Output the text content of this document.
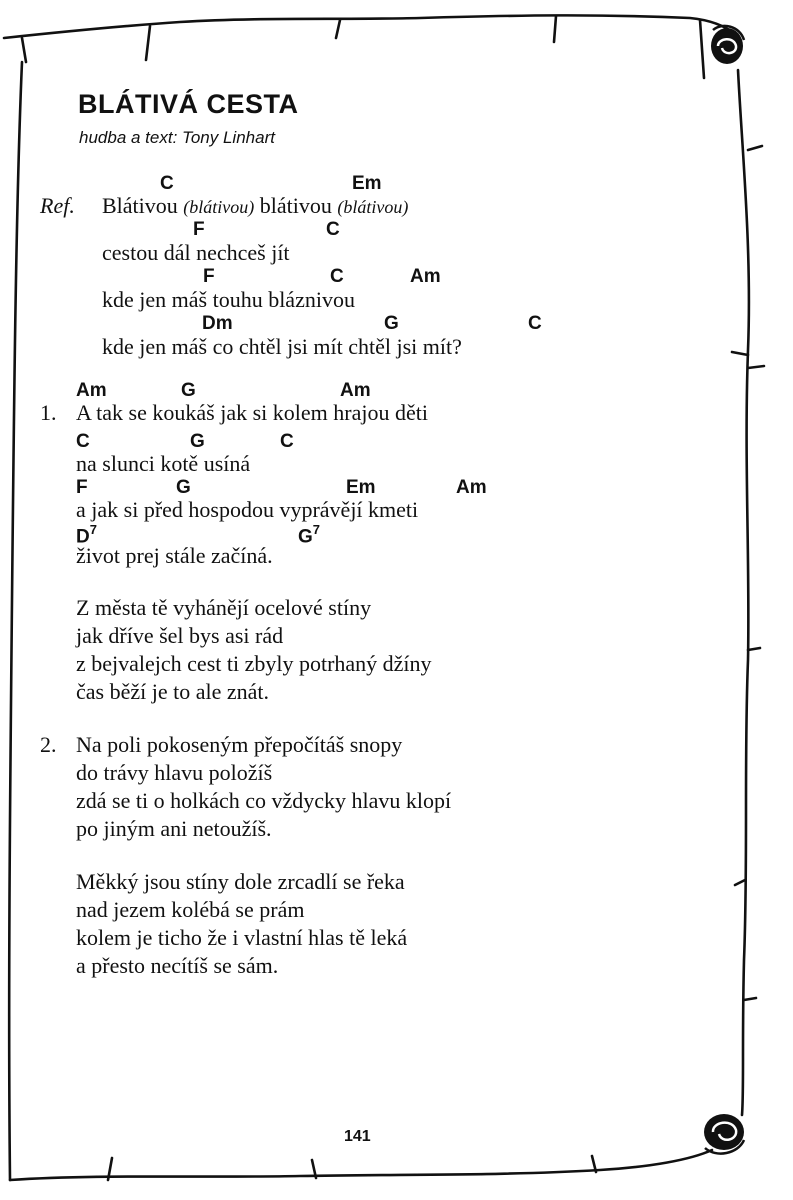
BLÁTIVÁ CESTA
hudba a text: Tony Linhart
C	Em
Ref. Blátivou (blátivou) blátivou (blátivou)
F	C
cestou dál nechceš jít
F	C	Am
kde jen máš touhu bláznivou
Dm	G	C
kde jen máš co chtěl jsi mít chtěl jsi mít?
Am	G	Am
1. A tak se koukáš jak si kolem hrajou děti
C	G	C
na slunci kotě usíná
F	G	Em	Am
a jak si před hospodou vyprávějí kmeti
$D^7$	$G^7$
život prej stále začíná.
Z města tě vyhánějí ocelové stíny
jak dříve šel bys asi rád
z bejvalejch cest ti zbyly potrhaný džíny
čas běží je to ale znát.
2. Na poli pokoseným přepočítáš snopy
do trávy hlavu položíš
zdá se ti o holkách co vždycky hlavu klopí
po jiným ani netoužíš.
Měkký jsou stíny dole zrcadlí se řeka
nad jezem kolébá se prám
kolem je ticho že i vlastní hlas tě leká
a přesto necítíš se sám.
141
